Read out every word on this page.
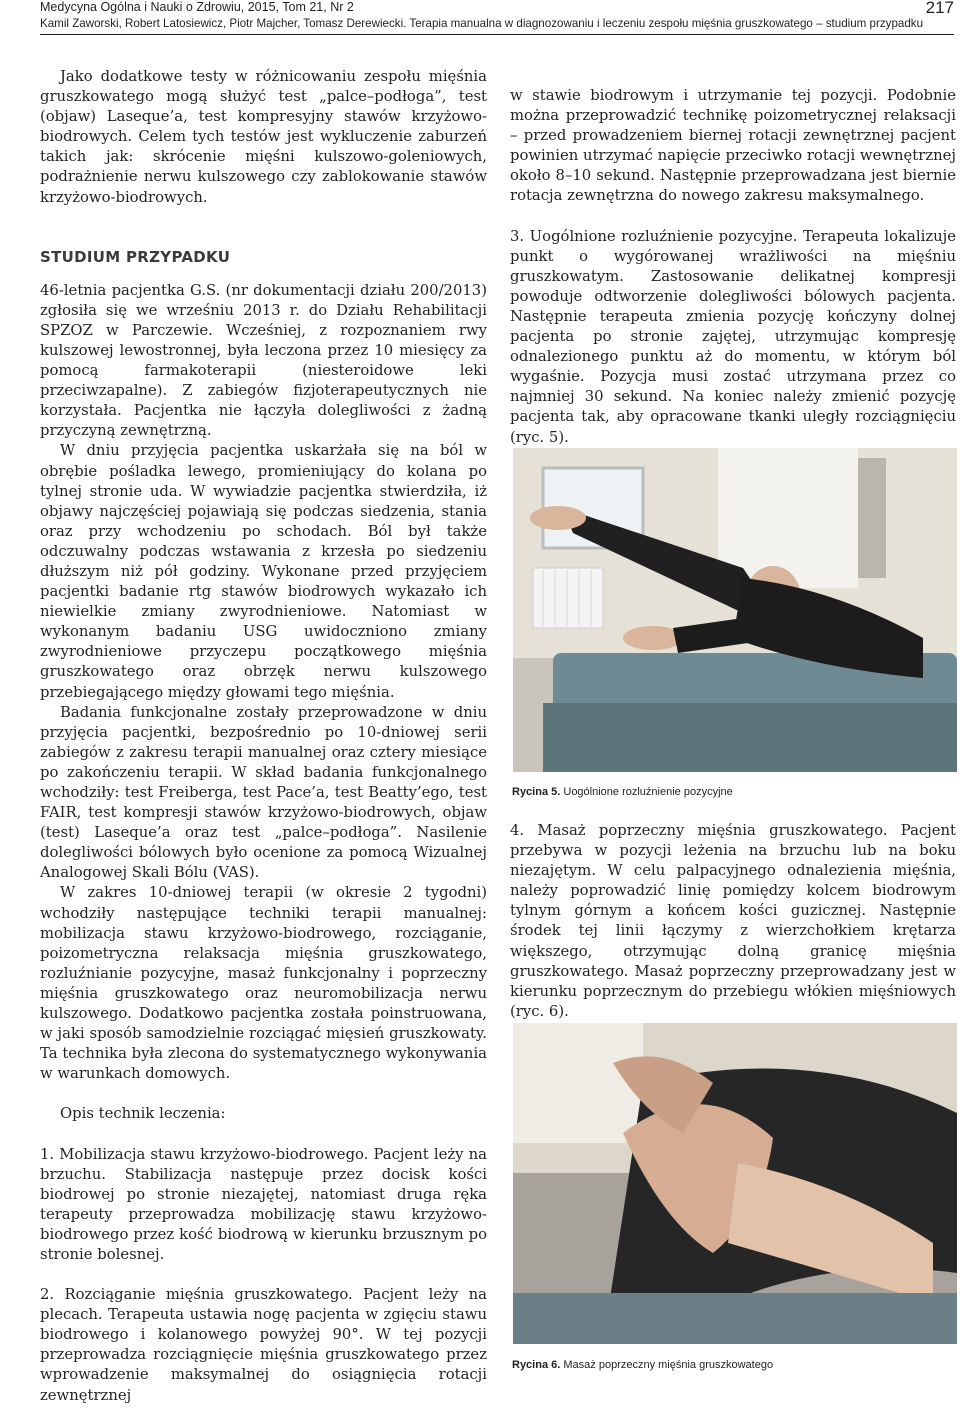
Medycyna Ogólna i Nauki o Zdrowiu, 2015, Tom 21, Nr 2	217
Kamil Zaworski, Robert Latosiewicz, Piotr Majcher, Tomasz Derewiecki. Terapia manualna w diagnozowaniu i leczeniu zespołu mięśnia gruszkowatego – studium przypadku

Jako dodatkowe testy w różnicowaniu zespołu mięśnia gruszkowatego mogą służyć test „palce–podłoga”, test (objaw) Laseque’a, test kompresyjny stawów krzyżowo-biodrowych. Celem tych testów jest wykluczenie zaburzeń takich jak: skrócenie mięśni kulszowo-goleniowych, podrażnienie nerwu kulszowego czy zablokowanie stawów krzyżowo-biodrowych.

STUDIUM PRZYPADKU

46-letnia pacjentka G.S. (nr dokumentacji działu 200/2013) zgłosiła się we wrześniu 2013 r. do Działu Rehabilitacji SPZOZ w Parczewie. Wcześniej, z rozpoznaniem rwy kulszowej lewostronnej, była leczona przez 10 miesięcy za pomocą farmakoterapii (niesteroidowe leki przeciwzapalne). Z zabiegów fizjoterapeutycznych nie korzystała. Pacjentka nie łączyła dolegliwości z żadną przyczyną zewnętrzną.

W dniu przyjęcia pacjentka uskarżała się na ból w obrębie pośladka lewego, promieniujący do kolana po tylnej stronie uda. W wywiadzie pacjentka stwierdziła, iż objawy najczęściej pojawiają się podczas siedzenia, stania oraz przy wchodzeniu po schodach. Ból był także odczuwalny podczas wstawania z krzesła po siedzeniu dłuższym niż pół godziny. Wykonane przed przyjęciem pacjentki badanie rtg stawów biodrowych wykazało ich niewielkie zmiany zwyrodnieniowe. Natomiast w wykonanym badaniu USG uwidoczniono zmiany zwyrodnieniowe przyczepu początkowego mięśnia gruszkowatego oraz obrzęk nerwu kulszowego przebiegającego między głowami tego mięśnia.

Badania funkcjonalne zostały przeprowadzone w dniu przyjęcia pacjentki, bezpośrednio po 10-dniowej serii zabiegów z zakresu terapii manualnej oraz cztery miesiące po zakończeniu terapii. W skład badania funkcjonalnego wchodziły: test Freiberga, test Pace’a, test Beatty’ego, test FAIR, test kompresji stawów krzyżowo-biodrowych, objaw (test) Laseque’a oraz test „palce–podłoga”. Nasilenie dolegliwości bólowych było ocenione za pomocą Wizualnej Analogowej Skali Bólu (VAS).

W zakres 10-dniowej terapii (w okresie 2 tygodni) wchodziły następujące techniki terapii manualnej: mobilizacja stawu krzyżowo-biodrowego, rozciąganie, poizometryczna relaksacja mięśnia gruszkowatego, rozluźnianie pozycyjne, masaż funkcjonalny i poprzeczny mięśnia gruszkowatego oraz neuromobilizacja nerwu kulszowego. Dodatkowo pacjentka została poinstruowana, w jaki sposób samodzielnie rozciągać mięsień gruszkowaty. Ta technika była zlecona do systematycznego wykonywania w warunkach domowych.

Opis technik leczenia:

1. Mobilizacja stawu krzyżowo-biodrowego. Pacjent leży na brzuchu. Stabilizacja następuje przez docisk kości biodrowej po stronie niezajętej, natomiast druga ręka terapeuty przeprowadza mobilizację stawu krzyżowo-biodrowego przez kość biodrową w kierunku brzusznym po stronie bolesnej.

2. Rozciąganie mięśnia gruszkowatego. Pacjent leży na plecach. Terapeuta ustawia nogę pacjenta w zgięciu stawu biodrowego i kolanowego powyżej 90°. W tej pozycji przeprowadza rozciągnięcie mięśnia gruszkowatego przez wprowadzenie maksymalnej do osiągnięcia rotacji zewnętrznej

w stawie biodrowym i utrzymanie tej pozycji. Podobnie można przeprowadzić technikę poizometrycznej relaksacji – przed prowadzeniem biernej rotacji zewnętrznej pacjent powinien utrzymać napięcie przeciwko rotacji wewnętrznej około 8–10 sekund. Następnie przeprowadzana jest biernie rotacja zewnętrzna do nowego zakresu maksymalnego.

3. Uogólnione rozluźnienie pozycyjne. Terapeuta lokalizuje punkt o wygórowanej wrażliwości na mięśniu gruszkowatym. Zastosowanie delikatnej kompresji powoduje odtworzenie dolegliwości bólowych pacjenta. Następnie terapeuta zmienia pozycję kończyny dolnej pacjenta po stronie zajętej, utrzymując kompresję odnalezionego punktu aż do momentu, w którym ból wygaśnie. Pozycja musi zostać utrzymana przez co najmniej 30 sekund. Na koniec należy zmienić pozycję pacjenta tak, aby opracowane tkanki uległy rozciągnięciu (ryc. 5).

Rycina 5. Uogólnione rozluźnienie pozycyjne

4. Masaż poprzeczny mięśnia gruszkowatego. Pacjent przebywa w pozycji leżenia na brzuchu lub na boku niezajętym. W celu palpacyjnego odnalezienia mięśnia, należy poprowadzić linię pomiędzy kolcem biodrowym tylnym górnym a końcem kości guzicznej. Następnie środek tej linii łączymy z wierzchołkiem krętarza większego, otrzymując dolną granicę mięśnia gruszkowatego. Masaż poprzeczny przeprowadzany jest w kierunku poprzecznym do przebiegu włókien mięśniowych (ryc. 6).

Rycina 6. Masaż poprzeczny mięśnia gruszkowatego
